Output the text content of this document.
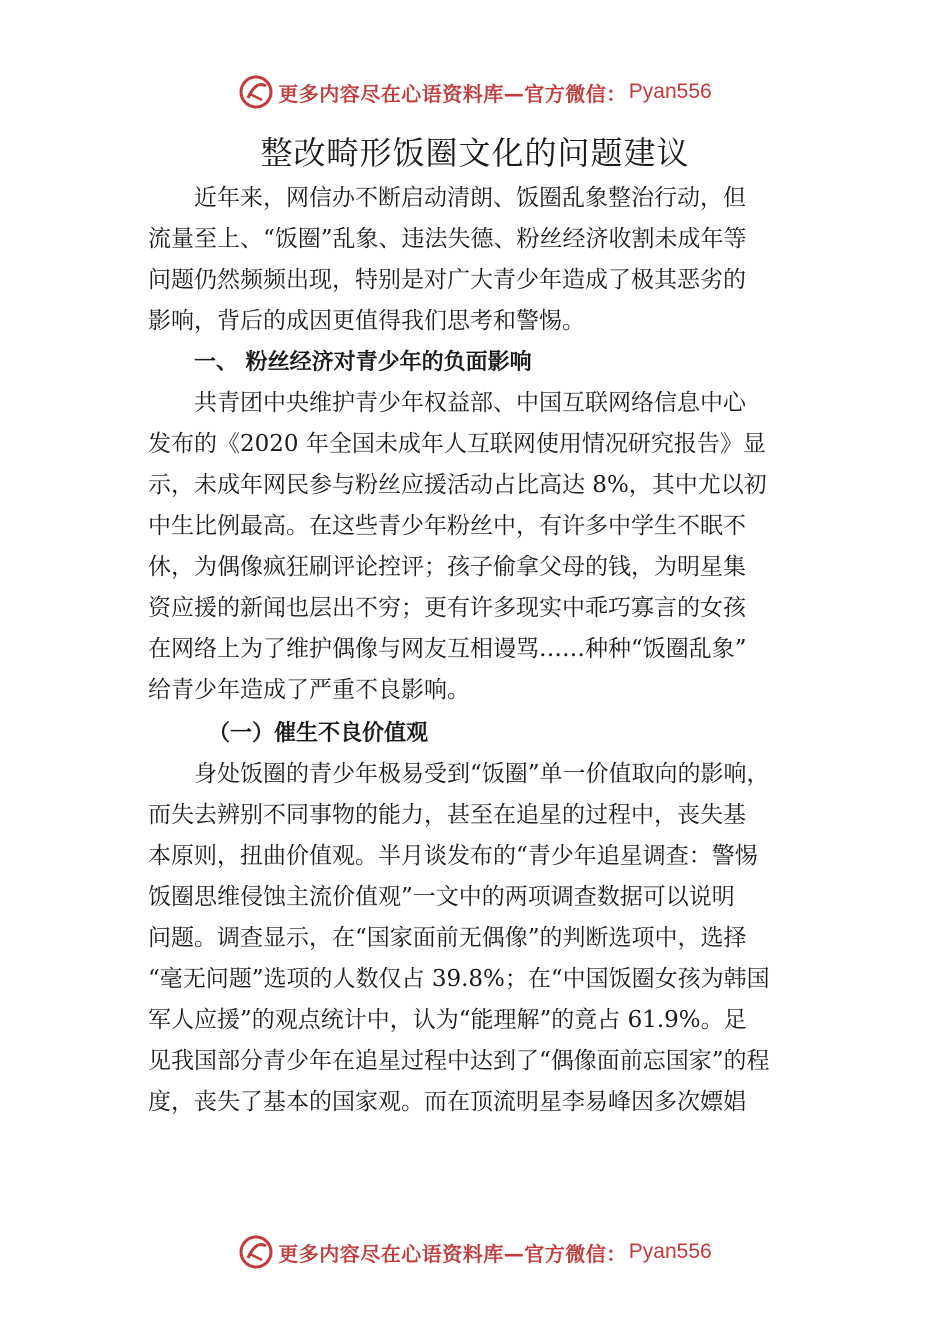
更多内容尽在心语资料库—官方微信： Pyan556
整改畸形饭圈文化的问题建议
近年来，网信办不断启动清朗、饭圈乱象整治行动，但
流量至上、“饭圈”乱象、违法失德、粉丝经济收割未成年等
问题仍然频频出现，特别是对广大青少年造成了极其恶劣的
影响，背后的成因更值得我们思考和警惕。
一、 粉丝经济对青少年的负面影响
共青团中央维护青少年权益部、中国互联网络信息中心
发布的《2020 年全国未成年人互联网使用情况研究报告》显
示，未成年网民参与粉丝应援活动占比高达 8%，其中尤以初
中生比例最高。在这些青少年粉丝中，有许多中学生不眠不
休，为偶像疯狂刷评论控评；孩子偷拿父母的钱，为明星集
资应援的新闻也层出不穷；更有许多现实中乖巧寡言的女孩
在网络上为了维护偶像与网友互相谩骂……种种“饭圈乱象”
给青少年造成了严重不良影响。
（一）催生不良价值观
身处饭圈的青少年极易受到“饭圈”单一价值取向的影响，
而失去辨别不同事物的能力，甚至在追星的过程中，丧失基
本原则，扭曲价值观。半月谈发布的“青少年追星调查：警惕
饭圈思维侵蚀主流价值观”一文中的两项调查数据可以说明
问题。调查显示，在“国家面前无偶像”的判断选项中，选择
“毫无问题”选项的人数仅占 39.8%；在“中国饭圈女孩为韩国
军人应援”的观点统计中，认为“能理解”的竟占 61.9%。足
见我国部分青少年在追星过程中达到了“偶像面前忘国家”的程
度，丧失了基本的国家观。而在顶流明星李易峰因多次嫖娼
更多内容尽在心语资料库—官方微信： Pyan556
